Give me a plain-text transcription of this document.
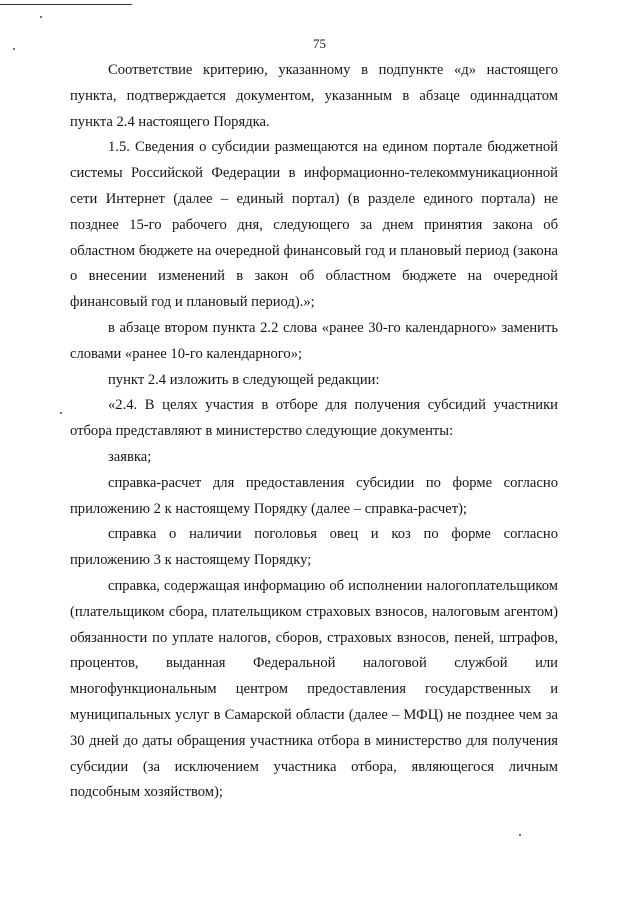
75

Соответствие критерию, указанному в подпункте «д» настоящего пункта, подтверждается документом, указанным в абзаце одиннадцатом пункта 2.4 настоящего Порядка.

1.5. Сведения о субсидии размещаются на едином портале бюджетной системы Российской Федерации в информационно-телекоммуникационной сети Интернет (далее – единый портал) (в разделе единого портала) не позднее 15-го рабочего дня, следующего за днем принятия закона об областном бюджете на очередной финансовый год и плановый период (закона о внесении изменений в закон об областном бюджете на очередной финансовый год и плановый период).»;

в абзаце втором пункта 2.2 слова «ранее 30-го календарного» заменить словами «ранее 10-го календарного»;

пункт 2.4 изложить в следующей редакции:

«2.4. В целях участия в отборе для получения субсидий участники отбора представляют в министерство следующие документы:

заявка;

справка-расчет для предоставления субсидии по форме согласно приложению 2 к настоящему Порядку (далее – справка-расчет);

справка о наличии поголовья овец и коз по форме согласно приложению 3 к настоящему Порядку;

справка, содержащая информацию об исполнении налогоплательщиком (плательщиком сбора, плательщиком страховых взносов, налоговым агентом) обязанности по уплате налогов, сборов, страховых взносов, пеней, штрафов, процентов, выданная Федеральной налоговой службой или многофункциональным центром предоставления государственных и муниципальных услуг в Самарской области (далее – МФЦ) не позднее чем за 30 дней до даты обращения участника отбора в министерство для получения субсидии (за исключением участника отбора, являющегося личным подсобным хозяйством);
